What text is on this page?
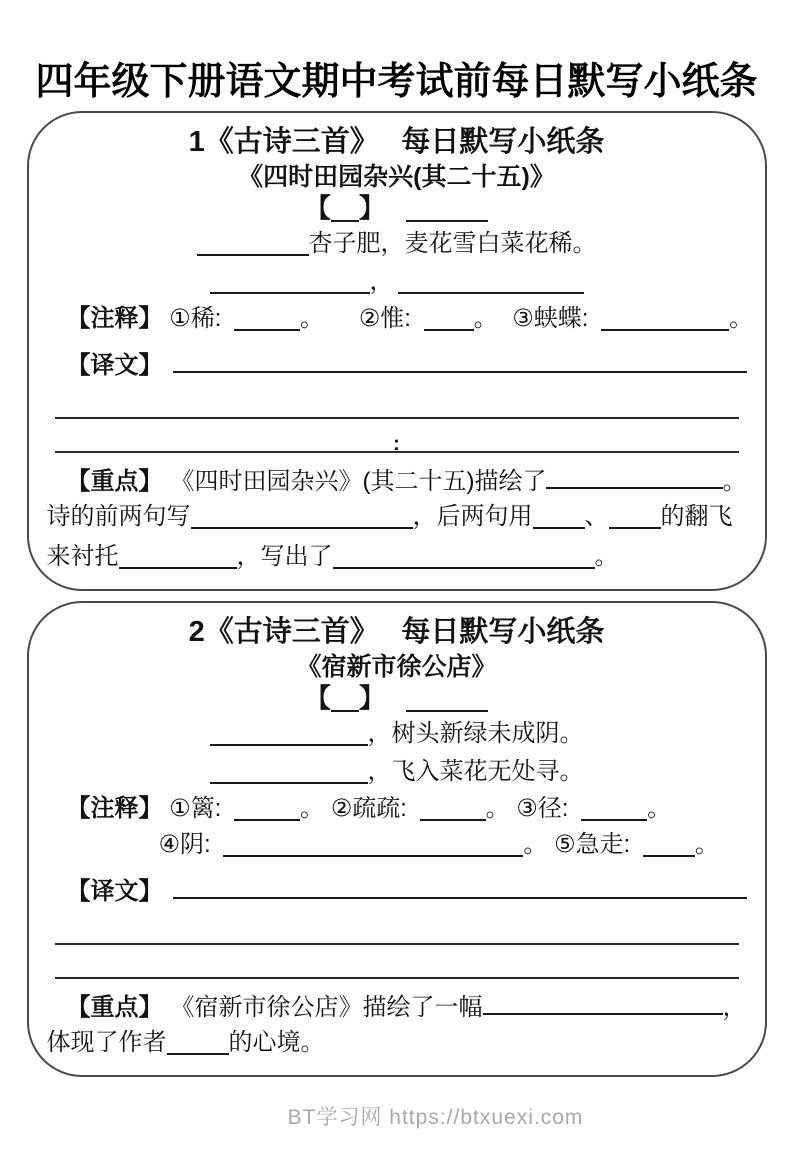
四年级下册语文期中考试前每日默写小纸条
1《古诗三首》　 每日默写小纸条
《四时田园杂兴(其二十五)》
【 】
杏子肥，麦花雪白菜花稀。
，
【注释】 ①稀:	。 ②惟:	。 ③蛱蝶:	。
【译文】
:
【重点】 《四时田园杂兴》(其二十五)描绘了	。
诗的前两句写	，后两句用 、 的翻飞
来衬托	，写出了	。
2《古诗三首》　 每日默写小纸条
《宿新市徐公店》
【 】
，树头新绿未成阴。
，飞入菜花无处寻。
【注释】 ①篱:	。 ②疏疏:	。 ③径:	。
④阴:	。 ⑤急走:	。
【译文】
【重点】 《宿新市徐公店》描绘了一幅	，
体现了作者	的心境。
BT学习网 https://btxuexi.com
